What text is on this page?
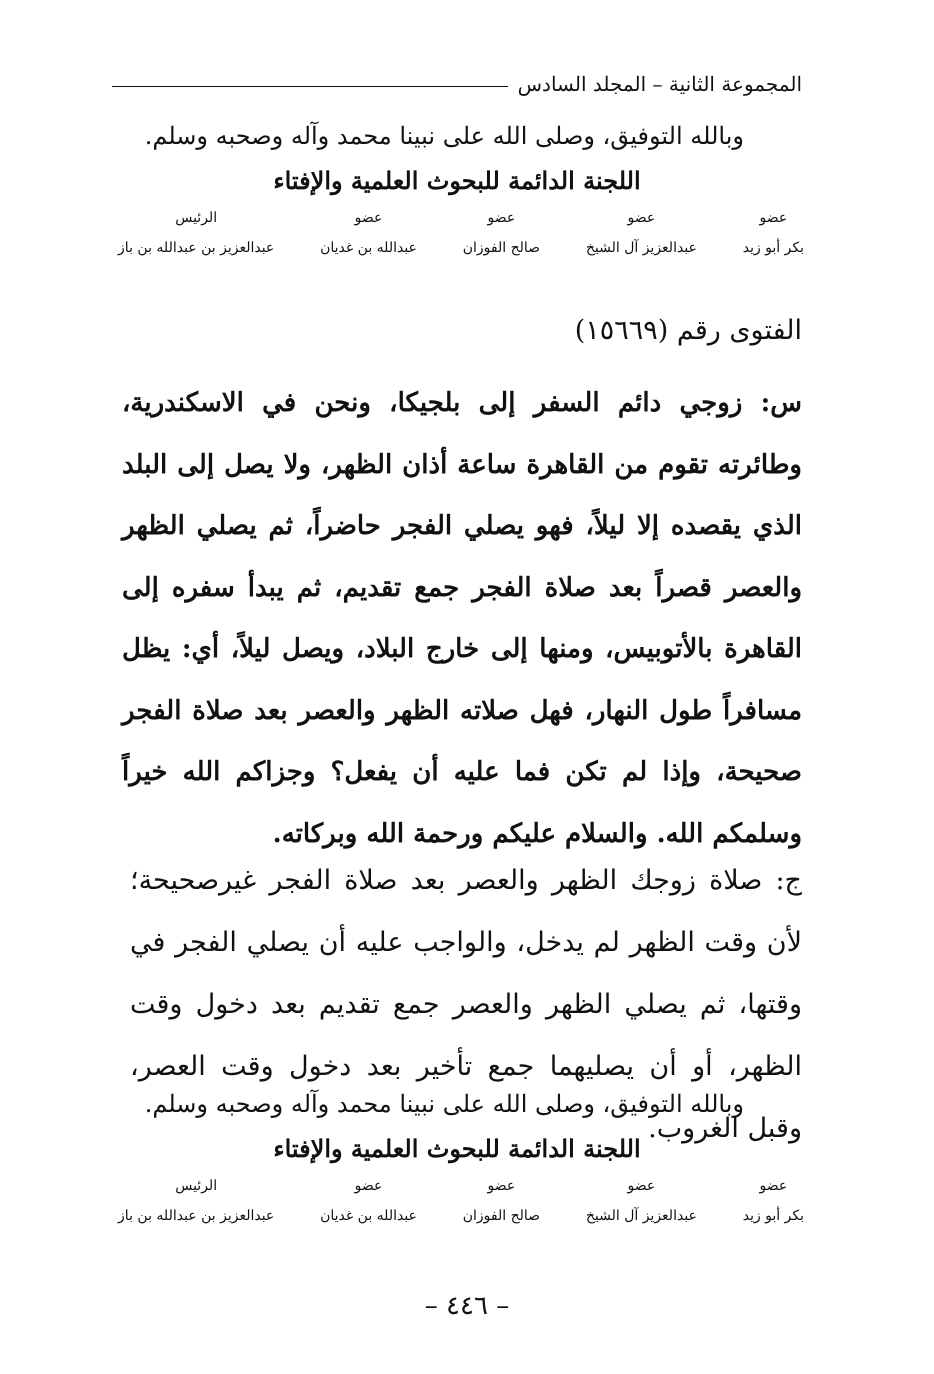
المجموعة الثانية – المجلد السادس
وبالله التوفيق، وصلى الله على نبينا محمد وآله وصحبه وسلم.
اللجنة الدائمة للبحوث العلمية والإفتاء
عضو
بكر أبو زيد
عضو
عبدالعزيز آل الشيخ
عضو
صالح الفوزان
عضو
عبدالله بن غديان
الرئيس
عبدالعزيز بن عبدالله بن باز
الفتوى رقم (١٥٦٦٩)
س: زوجي دائم السفر إلى بلجيكا، ونحن في الاسكندرية، وطائرته تقوم من القاهرة ساعة أذان الظهر، ولا يصل إلى البلد الذي يقصده إلا ليلاً، فهو يصلي الفجر حاضراً، ثم يصلي الظهر والعصر قصراً بعد صلاة الفجر جمع تقديم، ثم يبدأ سفره إلى القاهرة بالأتوبيس، ومنها إلى خارج البلاد، ويصل ليلاً، أي: يظل مسافراً طول النهار، فهل صلاته الظهر والعصر بعد صلاة الفجر صحيحة، وإذا لم تكن فما عليه أن يفعل؟ وجزاكم الله خيراً وسلمكم الله. والسلام عليكم ورحمة الله وبركاته.
ج: صلاة زوجك الظهر والعصر بعد صلاة الفجر غيرصحيحة؛ لأن وقت الظهر لم يدخل، والواجب عليه أن يصلي الفجر في وقتها، ثم يصلي الظهر والعصر جمع تقديم بعد دخول وقت الظهر، أو أن يصليهما جمع تأخير بعد دخول وقت العصر، وقبل الغروب.
وبالله التوفيق، وصلى الله على نبينا محمد وآله وصحبه وسلم.
اللجنة الدائمة للبحوث العلمية والإفتاء
عضو
بكر أبو زيد
عضو
عبدالعزيز آل الشيخ
عضو
صالح الفوزان
عضو
عبدالله بن غديان
الرئيس
عبدالعزيز بن عبدالله بن باز
– ٤٤٦ –
